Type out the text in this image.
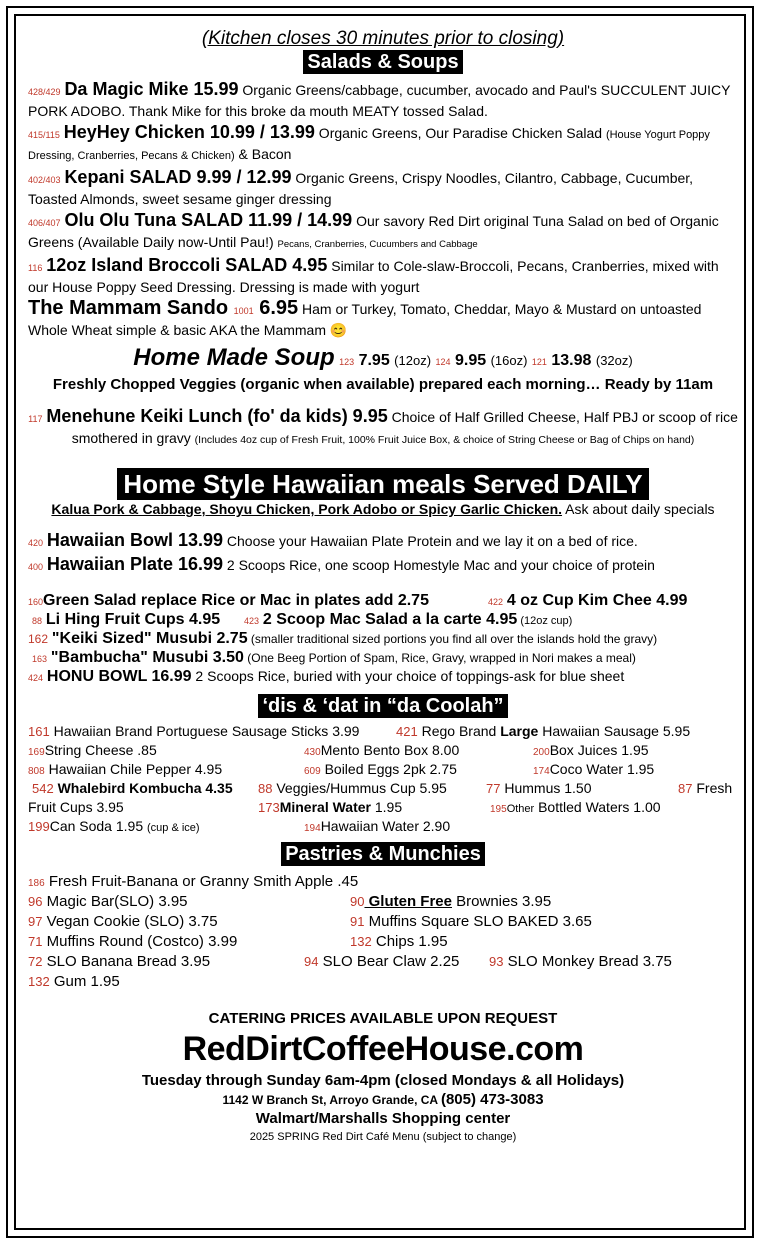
(Kitchen closes 30 minutes prior to closing)
Salads & Soups
428/429 Da Magic Mike 15.99 Organic Greens/cabbage, cucumber, avocado and Paul's SUCCULENT JUICY PORK ADOBO. Thank Mike for this broke da mouth MEATY tossed Salad.
415/115 HeyHey Chicken 10.99 / 13.99 Organic Greens, Our Paradise Chicken Salad (House Yogurt Poppy Dressing, Cranberries, Pecans & Chicken) & Bacon
402/403 Kepani SALAD 9.99 / 12.99 Organic Greens, Crispy Noodles, Cilantro, Cabbage, Cucumber, Toasted Almonds, sweet sesame ginger dressing
406/407 Olu Olu Tuna SALAD 11.99 / 14.99 Our savory Red Dirt original Tuna Salad on bed of Organic Greens (Available Daily now-Until Pau!) Pecans, Cranberries, Cucumbers and Cabbage
116 12oz Island Broccoli SALAD 4.95 Similar to Cole-slaw-Broccoli, Pecans, Cranberries, mixed with our House Poppy Seed Dressing. Dressing is made with yogurt
The Mammam Sando 1001 6.95 Ham or Turkey, Tomato, Cheddar, Mayo & Mustard on untoasted Whole Wheat simple & basic AKA the Mammam 😊
Home Made Soup 123 7.95 (12oz) 124 9.95 (16oz) 121 13.98 (32oz)
Freshly Chopped Veggies (organic when available) prepared each morning… Ready by 11am
117 Menehune Keiki Lunch (fo' da kids) 9.95 Choice of Half Grilled Cheese, Half PBJ or scoop of rice smothered in gravy (Includes 4oz cup of Fresh Fruit, 100% Fruit Juice Box, & choice of String Cheese or Bag of Chips on hand)
Home Style Hawaiian meals Served DAILY
Kalua Pork & Cabbage, Shoyu Chicken, Pork Adobo or Spicy Garlic Chicken. Ask about daily specials
420 Hawaiian Bowl 13.99 Choose your Hawaiian Plate Protein and we lay it on a bed of rice.
400 Hawaiian Plate 16.99 2 Scoops Rice, one scoop Homestyle Mac and your choice of protein
160Green Salad replace Rice or Mac in plates add 2.75	422 4 oz Cup Kim Chee 4.99
88 Li Hing Fruit Cups 4.95	423 2 Scoop Mac Salad a la carte 4.95 (12oz cup)
162 "Keiki Sized" Musubi 2.75 (smaller traditional sized portions you find all over the islands hold the gravy)
163 "Bambucha" Musubi 3.50 (One Beeg Portion of Spam, Rice, Gravy, wrapped in Nori makes a meal)
424 HONU BOWL 16.99 2 Scoops Rice, buried with your choice of toppings-ask for blue sheet
‘dis & ‘dat in “da Coolah”
161 Hawaiian Brand Portuguese Sausage Sticks 3.99	421 Rego Brand Large Hawaiian Sausage 5.95
169String Cheese .85	430Mento Bento Box 8.00	200Box Juices 1.95
808 Hawaiian Chile Pepper 4.95	609 Boiled Eggs 2pk 2.75	174Coco Water 1.95
542 Whalebird Kombucha 4.35 88 Veggies/Hummus Cup 5.95	77 Hummus 1.50	87 Fresh
Fruit Cups 3.95	173Mineral Water 1.95	195Other Bottled Waters 1.00
199Can Soda 1.95 (cup & ice)	194Hawaiian Water 2.90
Pastries & Munchies
186 Fresh Fruit-Banana or Granny Smith Apple .45
96 Magic Bar(SLO) 3.95	90 Gluten Free Brownies 3.95
97 Vegan Cookie (SLO) 3.75	91 Muffins Square SLO BAKED 3.65
71 Muffins Round (Costco) 3.99	132 Chips 1.95
72 SLO Banana Bread 3.95	94 SLO Bear Claw 2.25 93 SLO Monkey Bread 3.75
132 Gum 1.95
CATERING PRICES AVAILABLE UPON REQUEST
RedDirtCoffeeHouse.com
Tuesday through Sunday 6am-4pm (closed Mondays & all Holidays)
1142 W Branch St, Arroyo Grande, CA (805) 473-3083
Walmart/Marshalls Shopping center
2025 SPRING Red Dirt Café Menu (subject to change)
